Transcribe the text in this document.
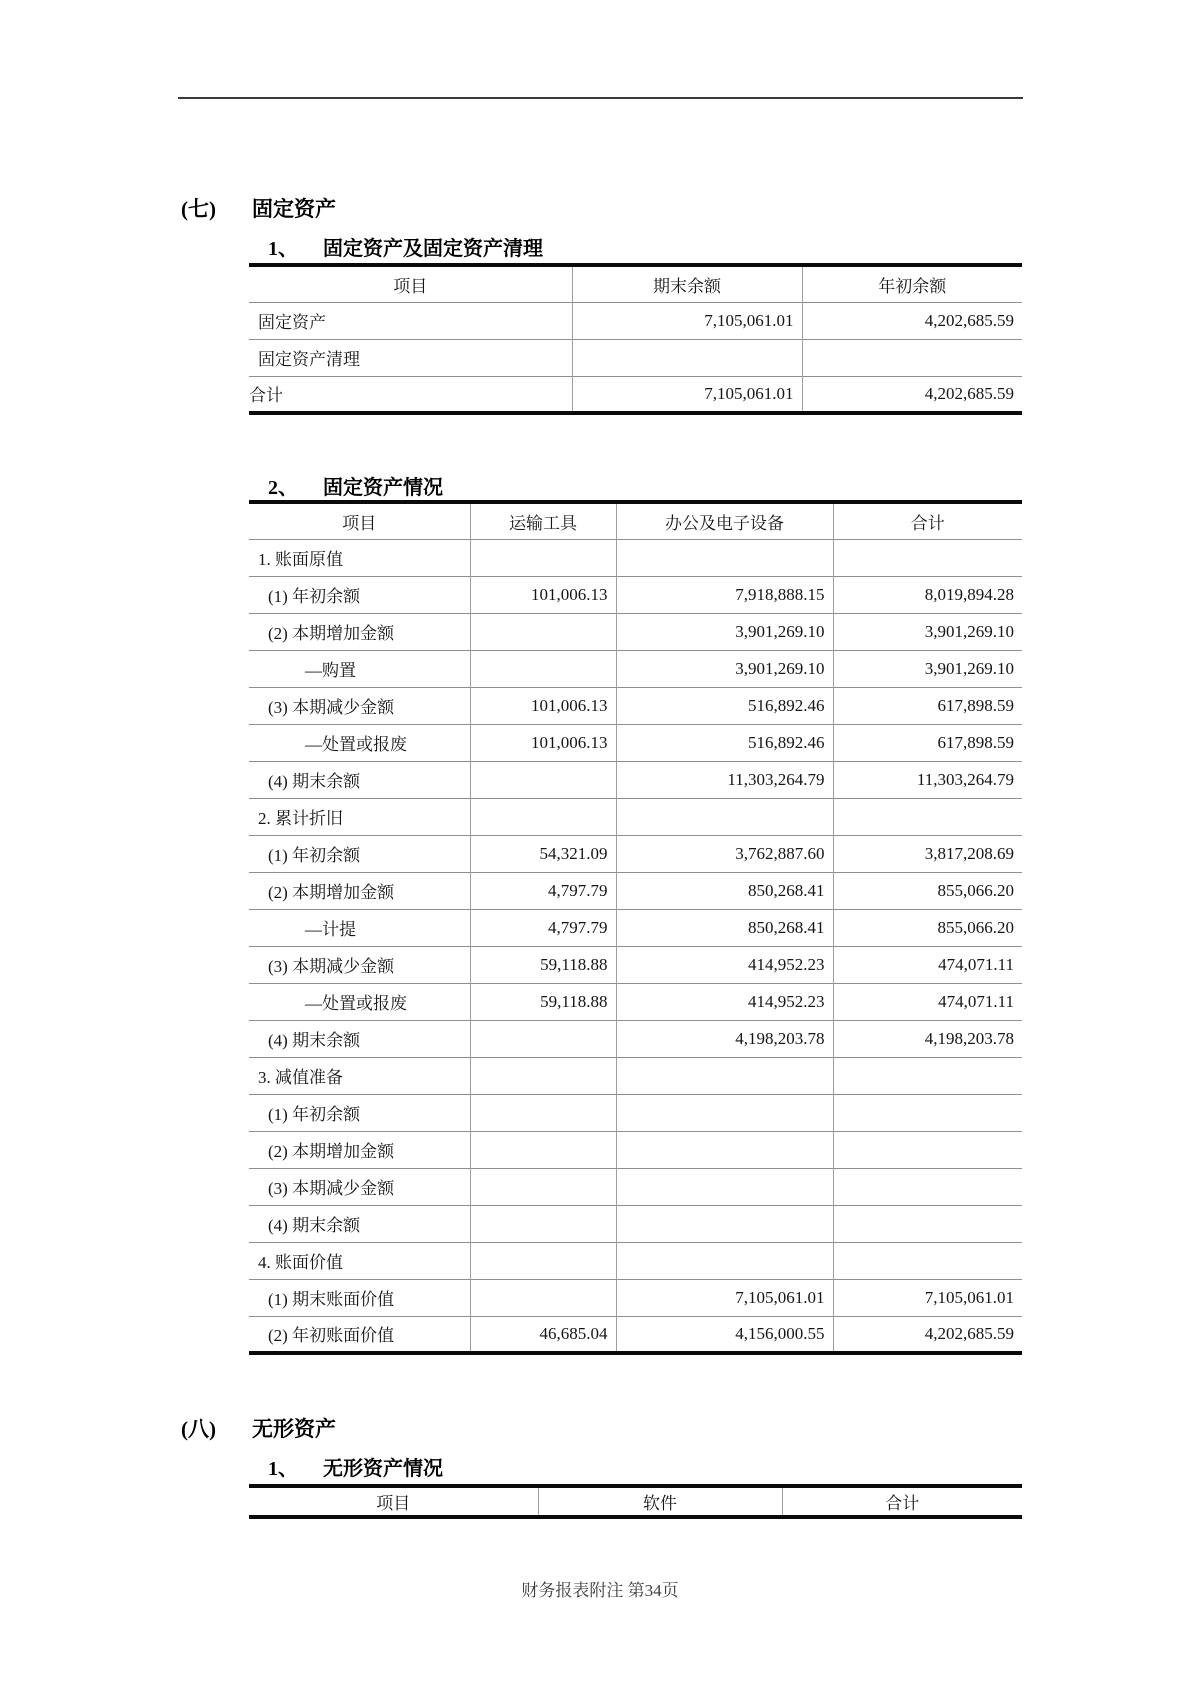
(七)	固定资产
1、	固定资产及固定资产清理
项目	期末余额	年初余额
固定资产	7,105,061.01	4,202,685.59
固定资产清理		
合计	7,105,061.01	4,202,685.59
2、	固定资产情况
项目	运输工具	办公及电子设备	合计
1. 账面原值			
(1) 年初余额	101,006.13	7,918,888.15	8,019,894.28
(2) 本期增加金额		3,901,269.10	3,901,269.10
—购置		3,901,269.10	3,901,269.10
(3) 本期减少金额	101,006.13	516,892.46	617,898.59
—处置或报废	101,006.13	516,892.46	617,898.59
(4) 期末余额		11,303,264.79	11,303,264.79
2. 累计折旧			
(1) 年初余额	54,321.09	3,762,887.60	3,817,208.69
(2) 本期增加金额	4,797.79	850,268.41	855,066.20
—计提	4,797.79	850,268.41	855,066.20
(3) 本期减少金额	59,118.88	414,952.23	474,071.11
—处置或报废	59,118.88	414,952.23	474,071.11
(4) 期末余额		4,198,203.78	4,198,203.78
3. 减值准备			
(1) 年初余额			
(2) 本期增加金额			
(3) 本期减少金额			
(4) 期末余额			
4. 账面价值			
(1) 期末账面价值		7,105,061.01	7,105,061.01
(2) 年初账面价值	46,685.04	4,156,000.55	4,202,685.59
(八)	无形资产
1、	无形资产情况
项目	软件	合计
财务报表附注 第34页
